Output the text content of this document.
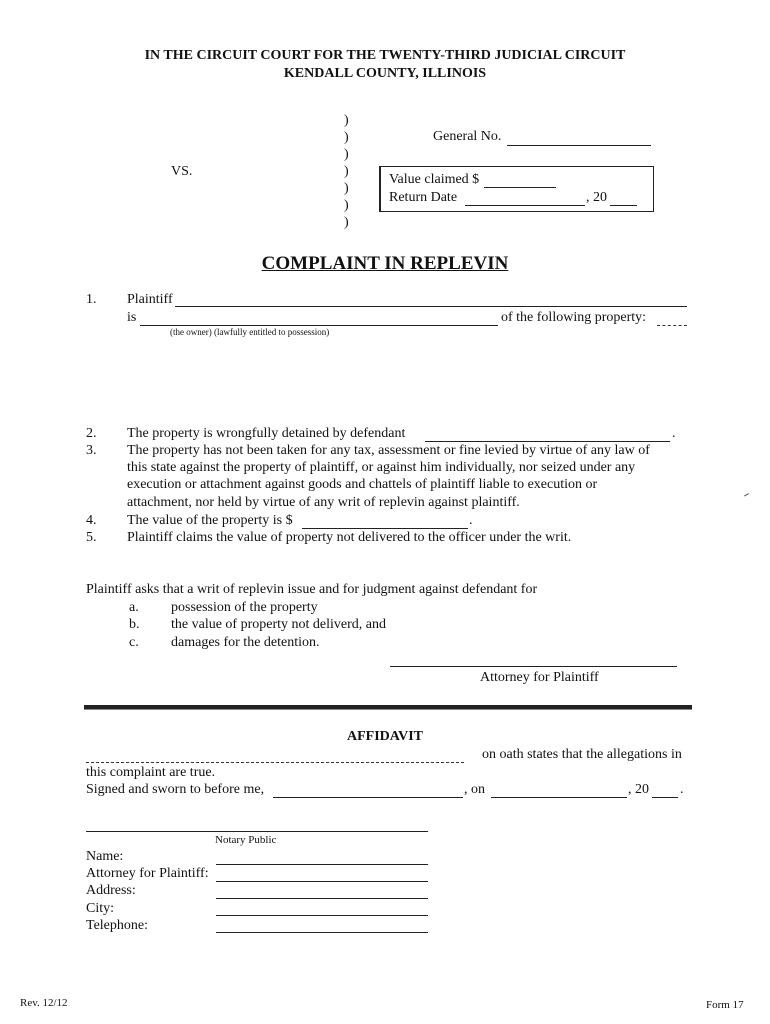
IN THE CIRCUIT COURT FOR THE TWENTY-THIRD JUDICIAL CIRCUIT
KENDALL COUNTY, ILLINOIS
)
)
)
)
)
)
)
VS.
General No.
Value claimed $
Return Date	, 20
COMPLAINT IN REPLEVIN
1. Plaintiff
is	of the following property:
(the owner) (lawfully entitled to possession)
2. The property is wrongfully detained by defendant	.
3. The property has not been taken for any tax, assessment or fine levied by virtue of any law of
this state against the property of plaintiff, or against him individually, nor seized under any
execution or attachment against goods and chattels of plaintiff liable to execution or
attachment, nor held by virtue of any writ of replevin against plaintiff.
4. The value of the property is $	.
5. Plaintiff claims the value of property not delivered to the officer under the writ.
Plaintiff asks that a writ of replevin issue and for judgment against defendant for
a. possession of the property
b. the value of property not deliverd, and
c. damages for the detention.
Attorney for Plaintiff
AFFIDAVIT
on oath states that the allegations in
this complaint are true.
Signed and sworn to before me,	, on	, 20 .
Notary Public
Name:
Attorney for Plaintiff:
Address:
City:
Telephone:
Rev. 12/12	Form 17
